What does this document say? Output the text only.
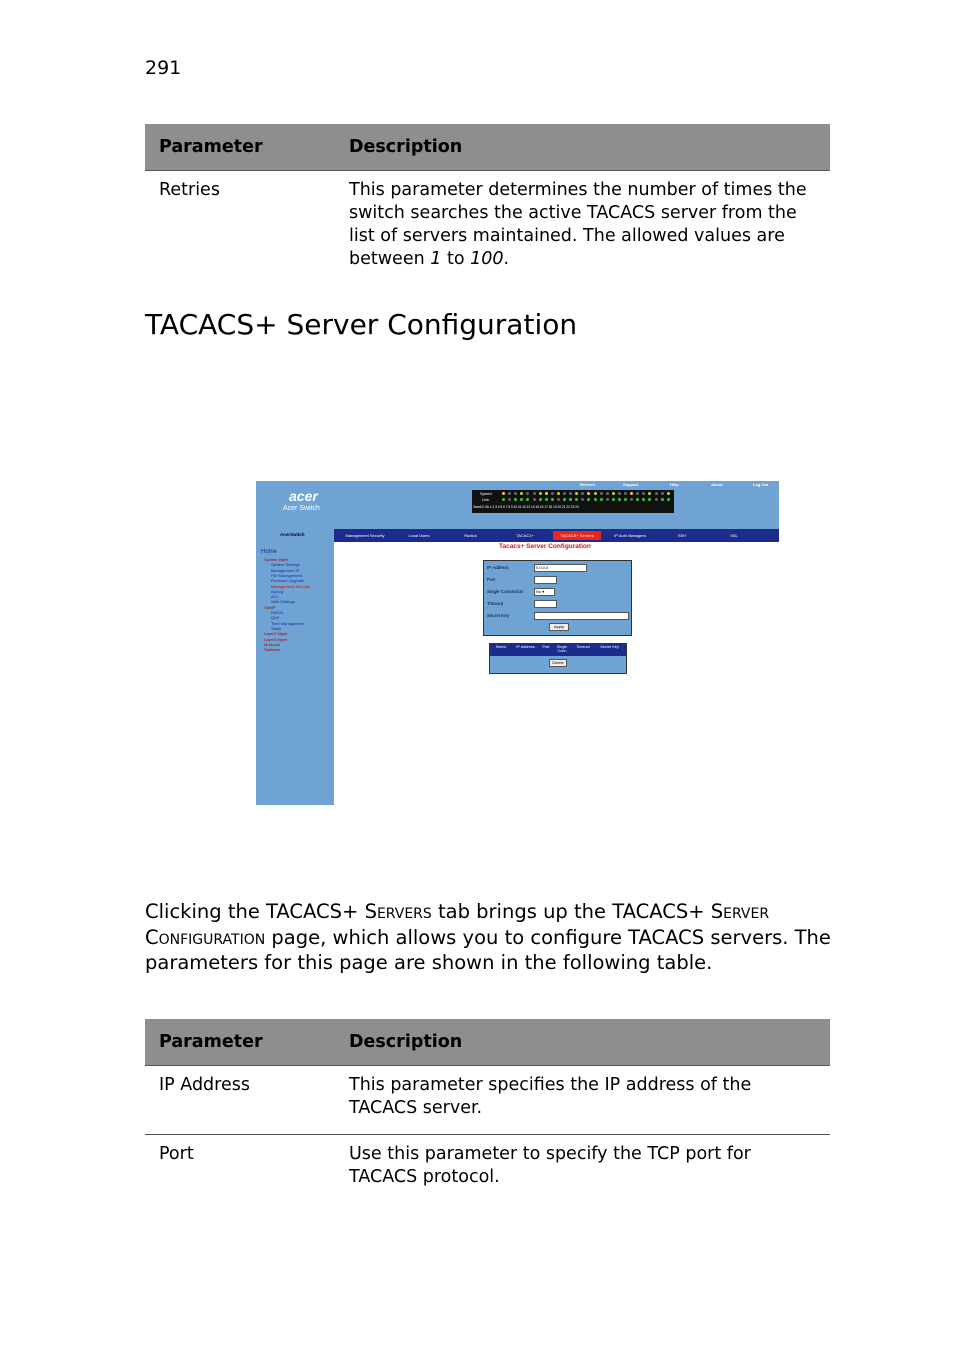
291
Parameter	Description
Retries	This parameter determines the number of times the switch searches the active TACACS server from the list of servers maintained. The allowed values are between 1 to 100.
TACACS+ Server Configuration
acer
Acer Switch
Refresh	Support	Help	About	Log Out
Speed
Link
2wmk 0 Gk 1 2 3 4 5 6 7 8 9 10 11 12 13 14 15 16 17 18 19 20 21 22 23 24
Management Security	Local Users	Radius	TACAC1+	TACACS+ Servers	IP Auth Managers	SSH	SSL
AcerSwitch
Home
System Mgmt
System Settings
Management IP
File Management
Firmware Upgrade
Management Security
Syslog
ACL
Web Settings
SNMP
RMON
QoS
Time Management
Stack
Layer2 Mgmt
Layer3 Mgmt
Multicast
Statistics
Tacacs+ Server Configuration
IP Address	0.0.0.0
Port
Single Connection	No ▾
Timeout
Secret Key
Apply
Select	IP Address	Port	Single Conn
Timeout	Secret Key
Delete

Clicking the TACACS+ Servers tab brings up the TACACS+ Server Configuration page, which allows you to configure TACACS servers. The parameters for this page are shown in the following table.

Parameter	Description
IP Address	This parameter specifies the IP address of the TACACS server.
Port	Use this parameter to specify the TCP port for TACACS protocol.
